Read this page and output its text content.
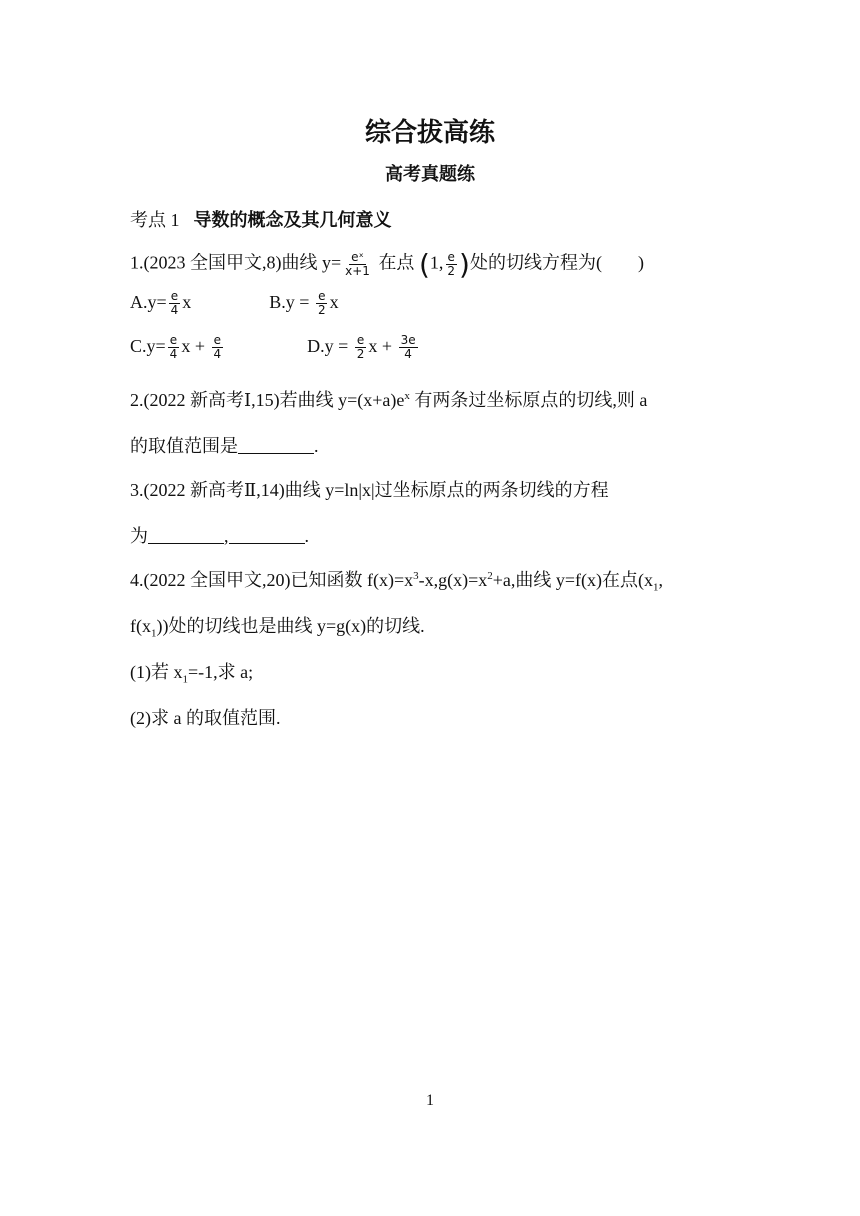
综合拔高练
高考真题练
考点 1 导数的概念及其几何意义
1.(2023 全国甲文,8)曲线 $y= \frac{\text{eˣ}}{x+1}$ 在点 (1, $\frac{e}{2}$ )处的切线方程为(　　)
$A.y= \frac{e}{4}$ x	$B.y = \frac{e}{2}$ x
$C.y= \frac{e}{4}$ $x + \frac{e}{4}$	$D.y = \frac{e}{2}$ $x + \frac{3e}{4}$
2.(2022 新高考Ⅰ,15)若曲线 $y=(x+a)e^x$ 有两条过坐标原点的切线,则 a
的取值范围是	.
3.(2022 新高考Ⅱ,14)曲线 y=ln|x|过坐标原点的两条切线的方程
为	,	.
4.(2022 全国甲文,20)已知函数 $f(x)=x^3-x,g(x)=x^2+a$,曲线 y=f(x)在点($x_1$,
$f(x_1)$)处的切线也是曲线 y=g(x)的切线.
(1)若 $x_1=-1$,求 a;
(2)求 a 的取值范围.
1
